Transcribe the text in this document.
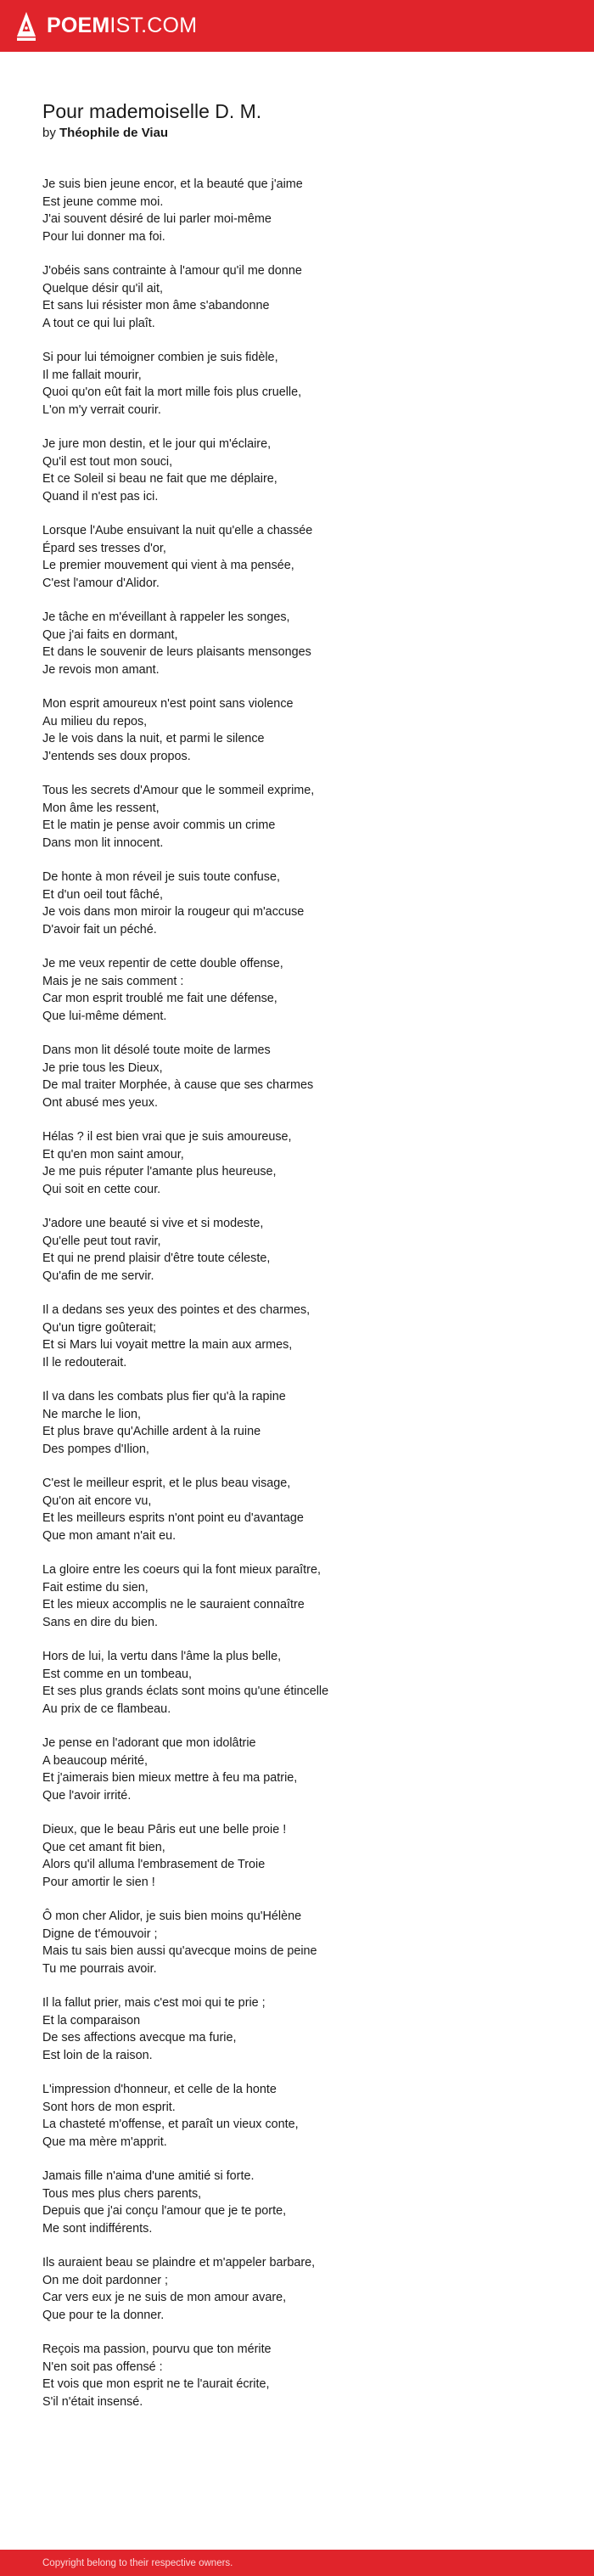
POEMIST.COM
Pour mademoiselle D. M.
by Théophile de Viau
Je suis bien jeune encor, et la beauté que j'aime
Est jeune comme moi.
J'ai souvent désiré de lui parler moi-même
Pour lui donner ma foi.
J'obéis sans contrainte à l'amour qu'il me donne
Quelque désir qu'il ait,
Et sans lui résister mon âme s'abandonne
A tout ce qui lui plaît.
Si pour lui témoigner combien je suis fidèle,
Il me fallait mourir,
Quoi qu'on eût fait la mort mille fois plus cruelle,
L'on m'y verrait courir.
Je jure mon destin, et le jour qui m'éclaire,
Qu'il est tout mon souci,
Et ce Soleil si beau ne fait que me déplaire,
Quand il n'est pas ici.
Lorsque l'Aube ensuivant la nuit qu'elle a chassée
Épard ses tresses d'or,
Le premier mouvement qui vient à ma pensée,
C'est l'amour d'Alidor.
Je tâche en m'éveillant à rappeler les songes,
Que j'ai faits en dormant,
Et dans le souvenir de leurs plaisants mensonges
Je revois mon amant.
Mon esprit amoureux n'est point sans violence
Au milieu du repos,
Je le vois dans la nuit, et parmi le silence
J'entends ses doux propos.
Tous les secrets d'Amour que le sommeil exprime,
Mon âme les ressent,
Et le matin je pense avoir commis un crime
Dans mon lit innocent.
De honte à mon réveil je suis toute confuse,
Et d'un oeil tout fâché,
Je vois dans mon miroir la rougeur qui m'accuse
D'avoir fait un péché.
Je me veux repentir de cette double offense,
Mais je ne sais comment :
Car mon esprit troublé me fait une défense,
Que lui-même dément.
Dans mon lit désolé toute moite de larmes
Je prie tous les Dieux,
De mal traiter Morphée, à cause que ses charmes
Ont abusé mes yeux.
Hélas ? il est bien vrai que je suis amoureuse,
Et qu'en mon saint amour,
Je me puis réputer l'amante plus heureuse,
Qui soit en cette cour.
J'adore une beauté si vive et si modeste,
Qu'elle peut tout ravir,
Et qui ne prend plaisir d'être toute céleste,
Qu'afin de me servir.
Il a dedans ses yeux des pointes et des charmes,
Qu'un tigre goûterait;
Et si Mars lui voyait mettre la main aux armes,
Il le redouterait.
Il va dans les combats plus fier qu'à la rapine
Ne marche le lion,
Et plus brave qu'Achille ardent à la ruine
Des pompes d'Ilion,
C'est le meilleur esprit, et le plus beau visage,
Qu'on ait encore vu,
Et les meilleurs esprits n'ont point eu d'avantage
Que mon amant n'ait eu.
La gloire entre les coeurs qui la font mieux paraître,
Fait estime du sien,
Et les mieux accomplis ne le sauraient connaître
Sans en dire du bien.
Hors de lui, la vertu dans l'âme la plus belle,
Est comme en un tombeau,
Et ses plus grands éclats sont moins qu'une étincelle
Au prix de ce flambeau.
Je pense en l'adorant que mon idolâtrie
A beaucoup mérité,
Et j'aimerais bien mieux mettre à feu ma patrie,
Que l'avoir irrité.
Dieux, que le beau Pâris eut une belle proie !
Que cet amant fit bien,
Alors qu'il alluma l'embrasement de Troie
Pour amortir le sien !
Ô mon cher Alidor, je suis bien moins qu'Hélène
Digne de t'émouvoir ;
Mais tu sais bien aussi qu'avecque moins de peine
Tu me pourrais avoir.
Il la fallut prier, mais c'est moi qui te prie ;
Et la comparaison
De ses affections avecque ma furie,
Est loin de la raison.
L'impression d'honneur, et celle de la honte
Sont hors de mon esprit.
La chasteté m'offense, et paraît un vieux conte,
Que ma mère m'apprit.
Jamais fille n'aima d'une amitié si forte.
Tous mes plus chers parents,
Depuis que j'ai conçu l'amour que je te porte,
Me sont indifférents.
Ils auraient beau se plaindre et m'appeler barbare,
On me doit pardonner ;
Car vers eux je ne suis de mon amour avare,
Que pour te la donner.
Reçois ma passion, pourvu que ton mérite
N'en soit pas offensé :
Et vois que mon esprit ne te l'aurait écrite,
S'il n'était insensé.
Copyright belong to their respective owners.
